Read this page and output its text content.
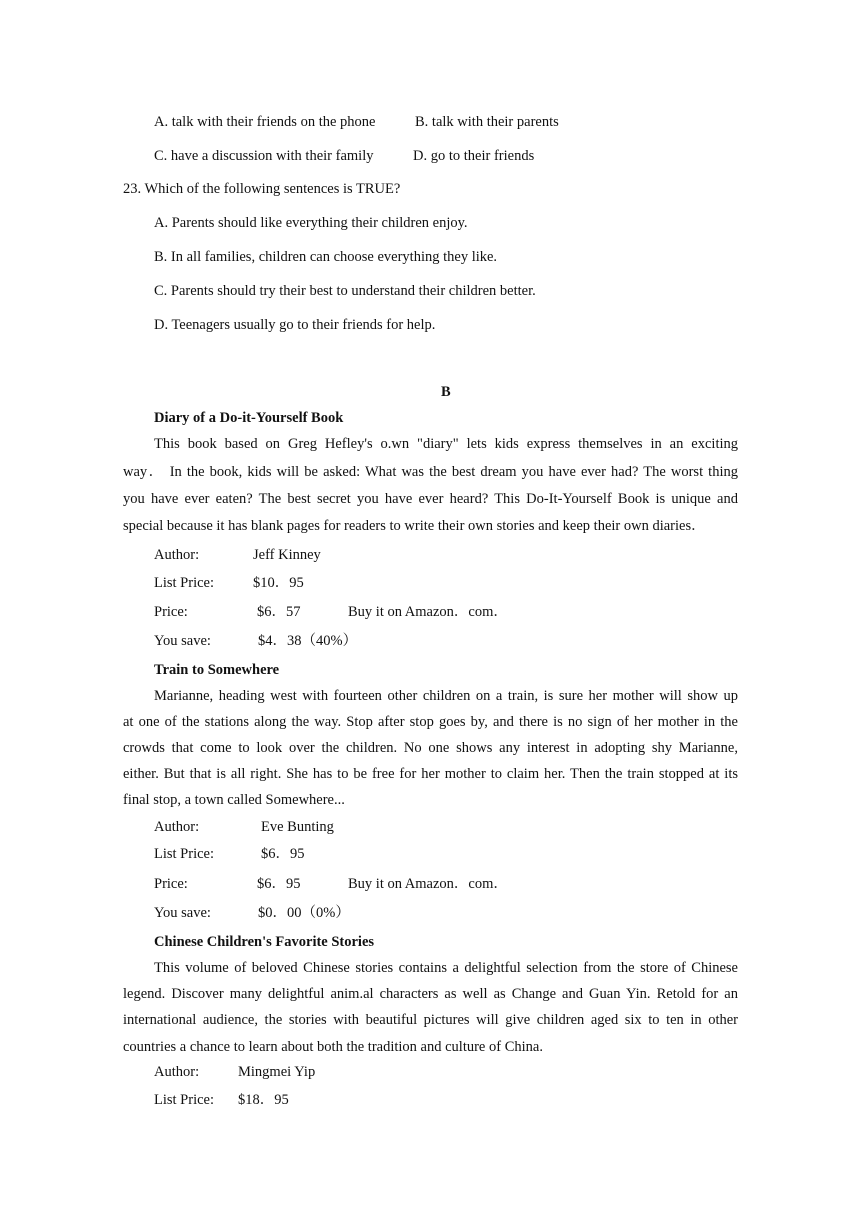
A. talk with their friends on the phone	B. talk with their parents
C. have a discussion with their family	D. go to their friends
23. Which of the following sentences is TRUE?
A. Parents should like everything their children enjoy.
B. In all families, children can choose everything they like.
C. Parents should try their best to understand their children better.
D. Teenagers usually go to their friends for help.
B
Diary of a Do-it-Yourself Book
This book based on Greg Hefley's o.wn "diary" lets kids express themselves in an exciting
way． In the book, kids will be asked: What was the best dream you have ever had? The worst thing
you have ever eaten? The best secret you have ever heard? This Do-It-Yourself Book is unique and
special because it has blank pages for readers to write their own stories and keep their own diaries．
Author:	Jeff Kinney
List Price:	$10．95
Price:	$6．57	Buy it on Amazon．com．
You save:	$4．38（40%）
Train to Somewhere
Marianne, heading west with fourteen other children on a train, is sure her mother will show up
at one of the stations along the way. Stop after stop goes by, and there is no sign of her mother in the
crowds that come to look over the children. No one shows any interest in adopting shy Marianne,
either. But that is all right. She has to be free for her mother to claim her. Then the train stopped at its
final stop, a town called Somewhere...
Author:	Eve Bunting
List Price:	$6．95
Price:	$6．95	Buy it on Amazon．com．
You save:	$0．00（0%）
Chinese Children's Favorite Stories
This volume of beloved Chinese stories contains a delightful selection from the store of Chinese
legend. Discover many delightful anim.al characters as well as Change and Guan Yin. Retold for an
international audience, the stories with beautiful pictures will give children aged six to ten in other
countries a chance to learn about both the tradition and culture of China.
Author:	Mingmei Yip
List Price: $18．95
